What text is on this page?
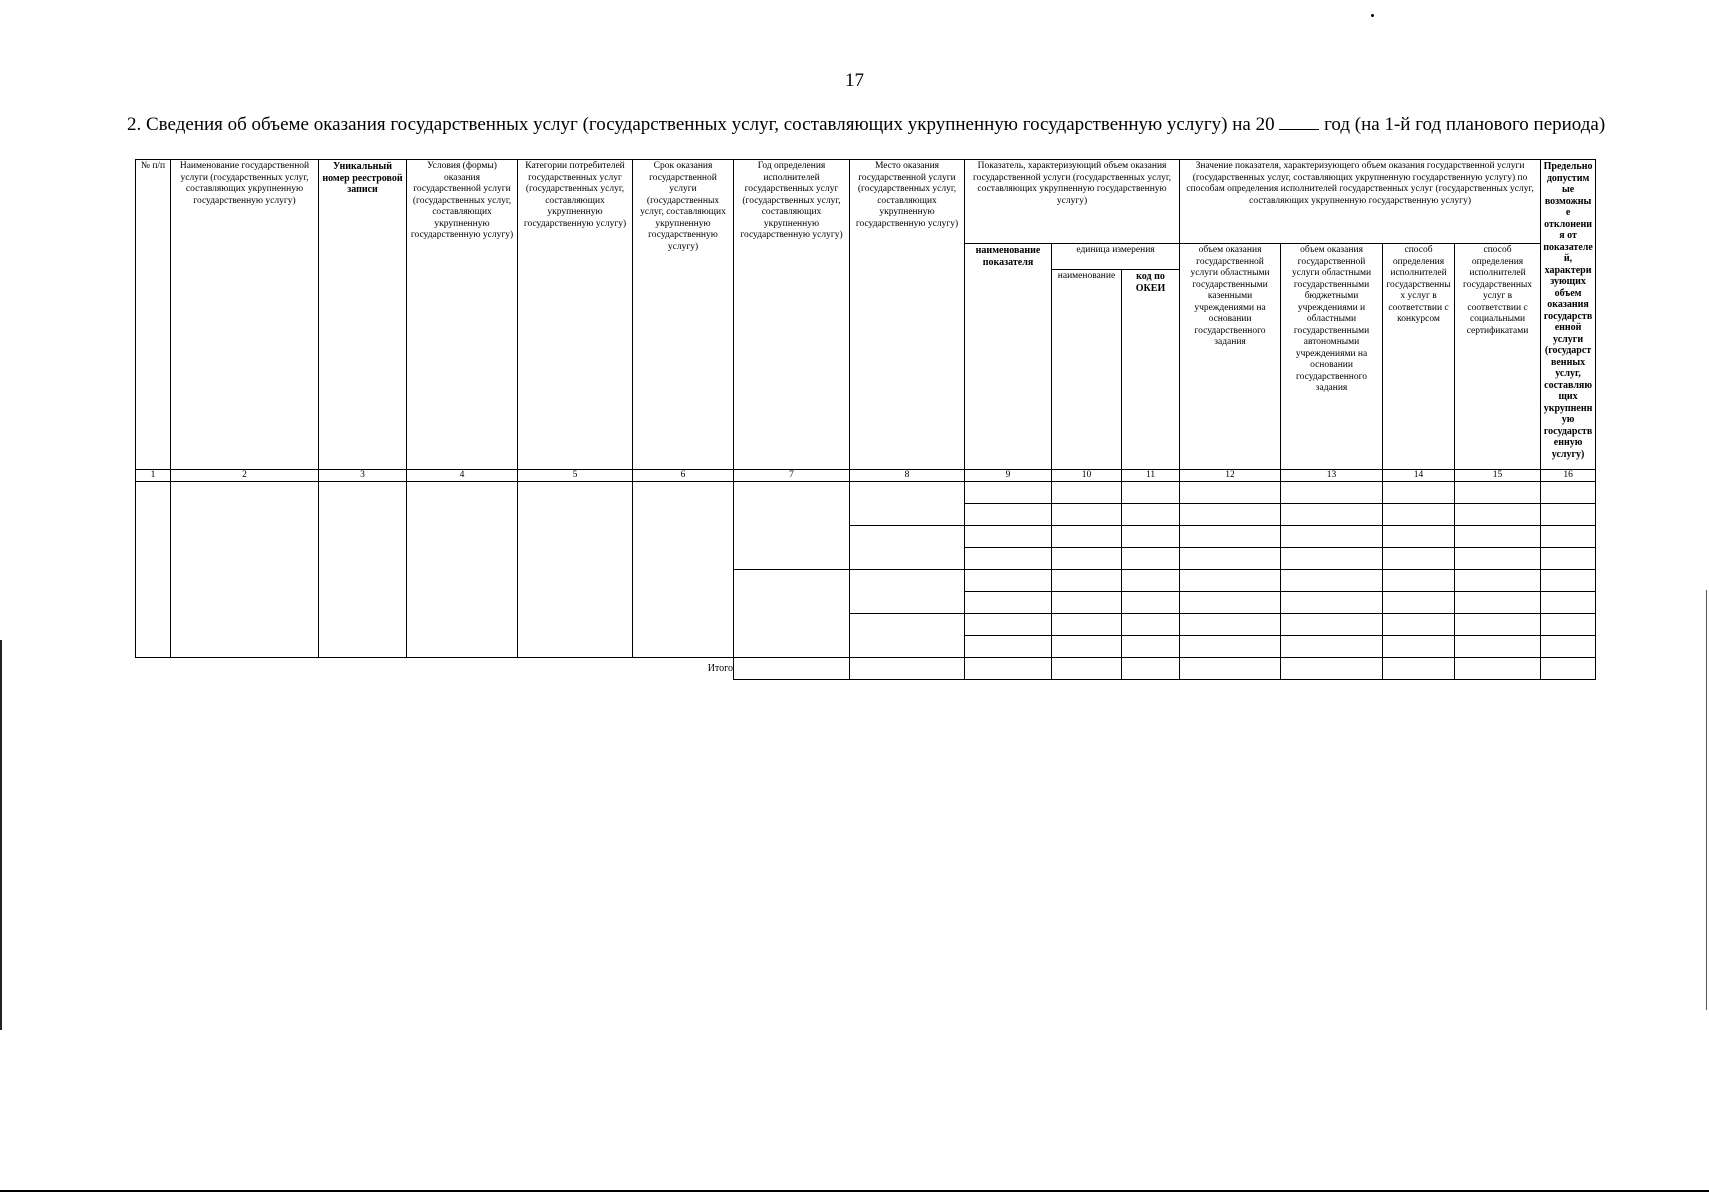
17
2. Сведения об объеме оказания государственных услуг (государственных услуг, составляющих укрупненную государственную услугу) на 20	год (на 1-й год планового периода)
№ п/п	Наименование государственной услуги (государственных услуг, составляющих укрупненную государственную услугу)	Уникальный номер реестровой записи	Условия (формы) оказания государственной услуги (государственных услуг, составляющих укрупненную государственную услугу)	Категории потребителей государственных услуг (государственных услуг, составляющих укрупненную государственную услугу)	Срок оказания государственной услуги (государственных услуг, составляющих укрупненную государственную услугу)	Год определения исполнителей государственных услуг (государственных услуг, составляющих укрупненную государственную услугу)	Место оказания государственной услуги (государственных услуг, составляющих укрупненную государственную услугу)	Показатель, характеризующий объем оказания государственной услуги (государственных услуг, составляющих укрупненную государственную услугу)			Значение показателя, характеризующего объем оказания государственной услуги (государственных услуг, составляющих укрупненную государственную услугу) по способам определения исполнителей государственных услуг (государственных услуг, составляющих укрупненную государственную услугу)				Предельно допустимые возможные отклонения от показателей, характеризующих объем оказания государственной услуги (государственных услуг, составляющих укрупненную государственную услугу)
								наименование показателя	единица измерения		объем оказания государственной услуги областными государственными казенными учреждениями на основании государственного задания	объем оказания государственной услуги областными государственными бюджетными учреждениями и областными государственными автономными учреждениями на основании государственного задания	способ определения исполнителей государственных услуг в соответствии с конкурсом	способ определения исполнителей государственных услуг в соответствии с социальными сертификатами	
									наименование	код по ОКЕИ					
1	2	3	4	5	6	7	8	9	10	11	12	13	14	15	16

					Итого										
